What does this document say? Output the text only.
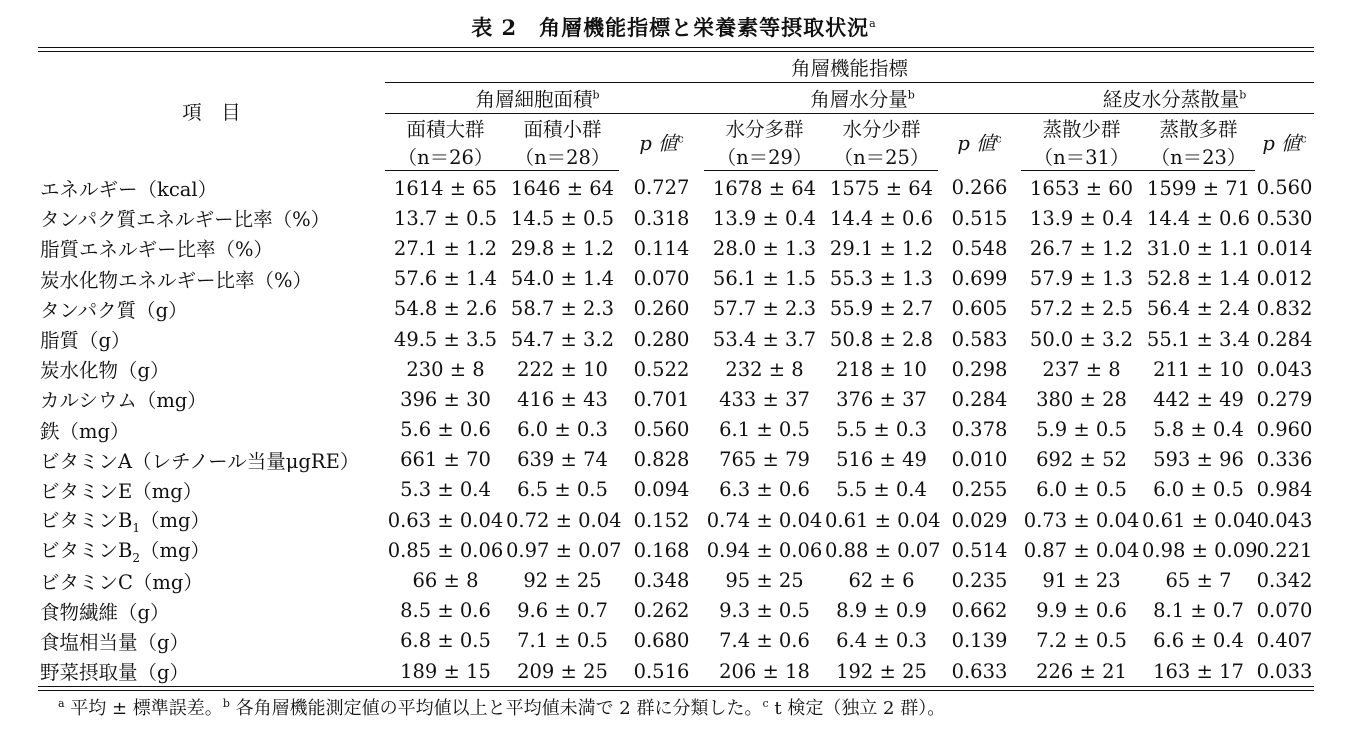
表 2　角層機能指標と栄養素等摂取状況$^a$
項　目	角層機能指標								
	角層細胞面積$^b$			角層水分量$^b$			経皮水分蒸散量$^b$
	面積大群	面積小群	p 値$^c$	水分多群	水分少群	p 値$^c$	蒸散少群	蒸散多群	p 値$^c$
	（n＝26）	（n＝28）		（n＝29）	（n＝25）		（n＝31）	（n＝23）	
エネルギー（kcal）	1614 ± 65	1646 ± 64	0.727	1678 ± 64	1575 ± 64	0.266	1653 ± 60	1599 ± 71	0.560
タンパク質エネルギー比率（%）	13.7 ± 0.5	14.5 ± 0.5	0.318	13.9 ± 0.4	14.4 ± 0.6	0.515	13.9 ± 0.4	14.4 ± 0.6	0.530
脂質エネルギー比率（%）	27.1 ± 1.2	29.8 ± 1.2	0.114	28.0 ± 1.3	29.1 ± 1.2	0.548	26.7 ± 1.2	31.0 ± 1.1	0.014
炭水化物エネルギー比率（%）	57.6 ± 1.4	54.0 ± 1.4	0.070	56.1 ± 1.5	55.3 ± 1.3	0.699	57.9 ± 1.3	52.8 ± 1.4	0.012
タンパク質（g）	54.8 ± 2.6	58.7 ± 2.3	0.260	57.7 ± 2.3	55.9 ± 2.7	0.605	57.2 ± 2.5	56.4 ± 2.4	0.832
脂質（g）	49.5 ± 3.5	54.7 ± 3.2	0.280	53.4 ± 3.7	50.8 ± 2.8	0.583	50.0 ± 3.2	55.1 ± 3.4	0.284
炭水化物（g）	230 ± 8	222 ± 10	0.522	232 ± 8	218 ± 10	0.298	237 ± 8	211 ± 10	0.043
カルシウム（mg）	396 ± 30	416 ± 43	0.701	433 ± 37	376 ± 37	0.284	380 ± 28	442 ± 49	0.279
鉄（mg）	5.6 ± 0.6	6.0 ± 0.3	0.560	6.1 ± 0.5	5.5 ± 0.3	0.378	5.9 ± 0.5	5.8 ± 0.4	0.960
ビタミンA（レチノール当量μgRE）	661 ± 70	639 ± 74	0.828	765 ± 79	516 ± 49	0.010	692 ± 52	593 ± 96	0.336
ビタミンE（mg）	5.3 ± 0.4	6.5 ± 0.5	0.094	6.3 ± 0.6	5.5 ± 0.4	0.255	6.0 ± 0.5	6.0 ± 0.5	0.984
ビタミン$B_1(mg)$	0.63 ± 0.04	0.72 ± 0.04	0.152	0.74 ± 0.04	0.61 ± 0.04	0.029	0.73 ± 0.04	0.61 ± 0.04	0.043
ビタミン$B_2(mg)$	0.85 ± 0.06	0.97 ± 0.07	0.168	0.94 ± 0.06	0.88 ± 0.07	0.514	0.87 ± 0.04	0.98 ± 0.09	0.221
ビタミンC（mg）	66 ± 8	92 ± 25	0.348	95 ± 25	62 ± 6	0.235	91 ± 23	65 ± 7	0.342
食物繊維（g）	8.5 ± 0.6	9.6 ± 0.7	0.262	9.3 ± 0.5	8.9 ± 0.9	0.662	9.9 ± 0.6	8.1 ± 0.7	0.070
食塩相当量（g）	6.8 ± 0.5	7.1 ± 0.5	0.680	7.4 ± 0.6	6.4 ± 0.3	0.139	7.2 ± 0.5	6.6 ± 0.4	0.407
野菜摂取量（g）	189 ± 15	209 ± 25	0.516	206 ± 18	192 ± 25	0.633	226 ± 21	163 ± 17	0.033
$^a$ 平均 ± 標準誤差。$^b$ 各角層機能測定値の平均値以上と平均値未満で 2 群に分類した。$^c$ t 検定（独立 2 群）。
